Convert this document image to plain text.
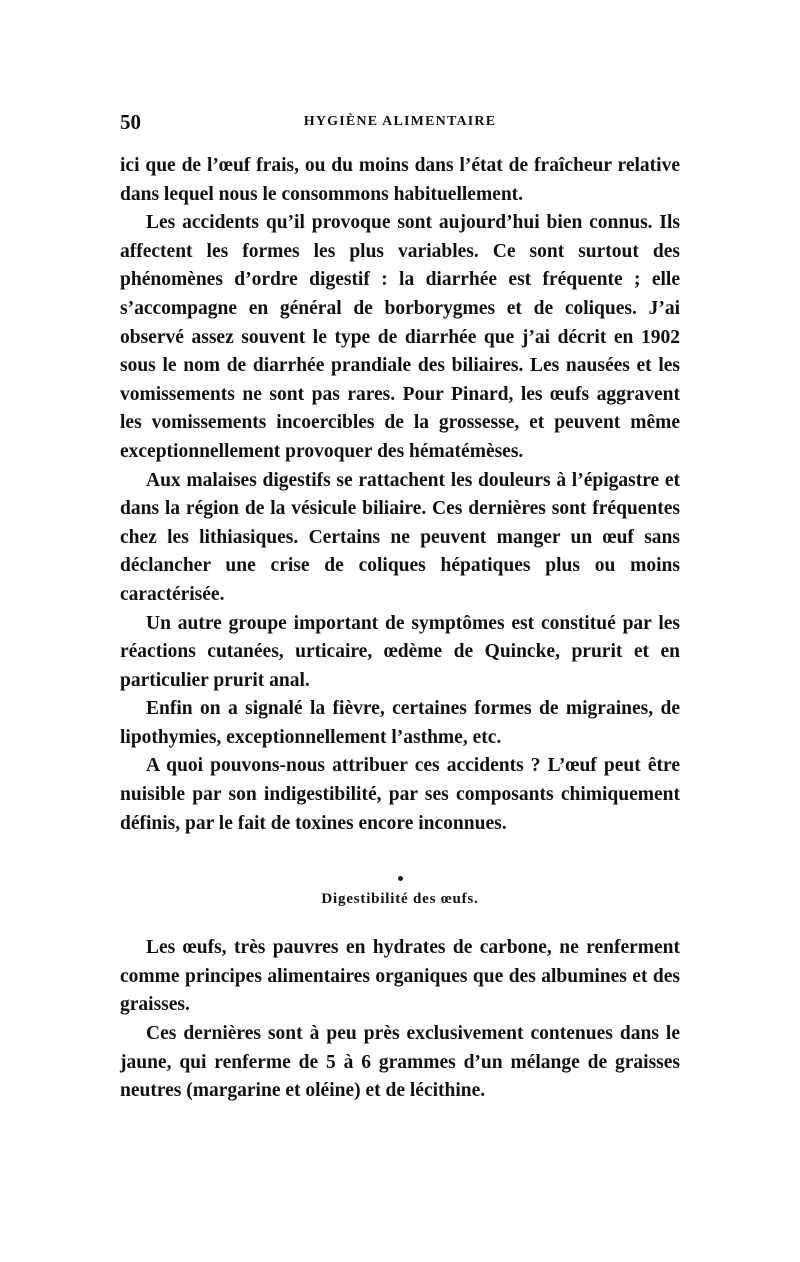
50	HYGIÈNE ALIMENTAIRE

ici que de l’œuf frais, ou du moins dans l’état de fraîcheur relative dans lequel nous le consommons habituellement.

Les accidents qu’il provoque sont aujourd’hui bien connus. Ils affectent les formes les plus variables. Ce sont surtout des phénomènes d’ordre digestif : la diarrhée est fréquente ; elle s’accompagne en général de borborygmes et de coliques. J’ai observé assez souvent le type de diarrhée que j’ai décrit en 1902 sous le nom de diarrhée prandiale des biliaires. Les nausées et les vomissements ne sont pas rares. Pour Pinard, les œufs aggravent les vomissements incoercibles de la grossesse, et peuvent même exceptionnellement provoquer des hématémèses.

Aux malaises digestifs se rattachent les douleurs à l’épigastre et dans la région de la vésicule biliaire. Ces dernières sont fréquentes chez les lithiasiques. Certains ne peuvent manger un œuf sans déclancher une crise de coliques hépatiques plus ou moins caractérisée.

Un autre groupe important de symptômes est constitué par les réactions cutanées, urticaire, œdème de Quincke, prurit et en particulier prurit anal.

Enfin on a signalé la fièvre, certaines formes de migraines, de lipothymies, exceptionnellement l’asthme, etc.

A quoi pouvons-nous attribuer ces accidents ? L’œuf peut être nuisible par son indigestibilité, par ses composants chimiquement définis, par le fait de toxines encore inconnues.

Digestibilité des œufs.

Les œufs, très pauvres en hydrates de carbone, ne renferment comme principes alimentaires organiques que des albumines et des graisses.

Ces dernières sont à peu près exclusivement contenues dans le jaune, qui renferme de 5 à 6 grammes d’un mélange de graisses neutres (margarine et oléine) et de lécithine.
